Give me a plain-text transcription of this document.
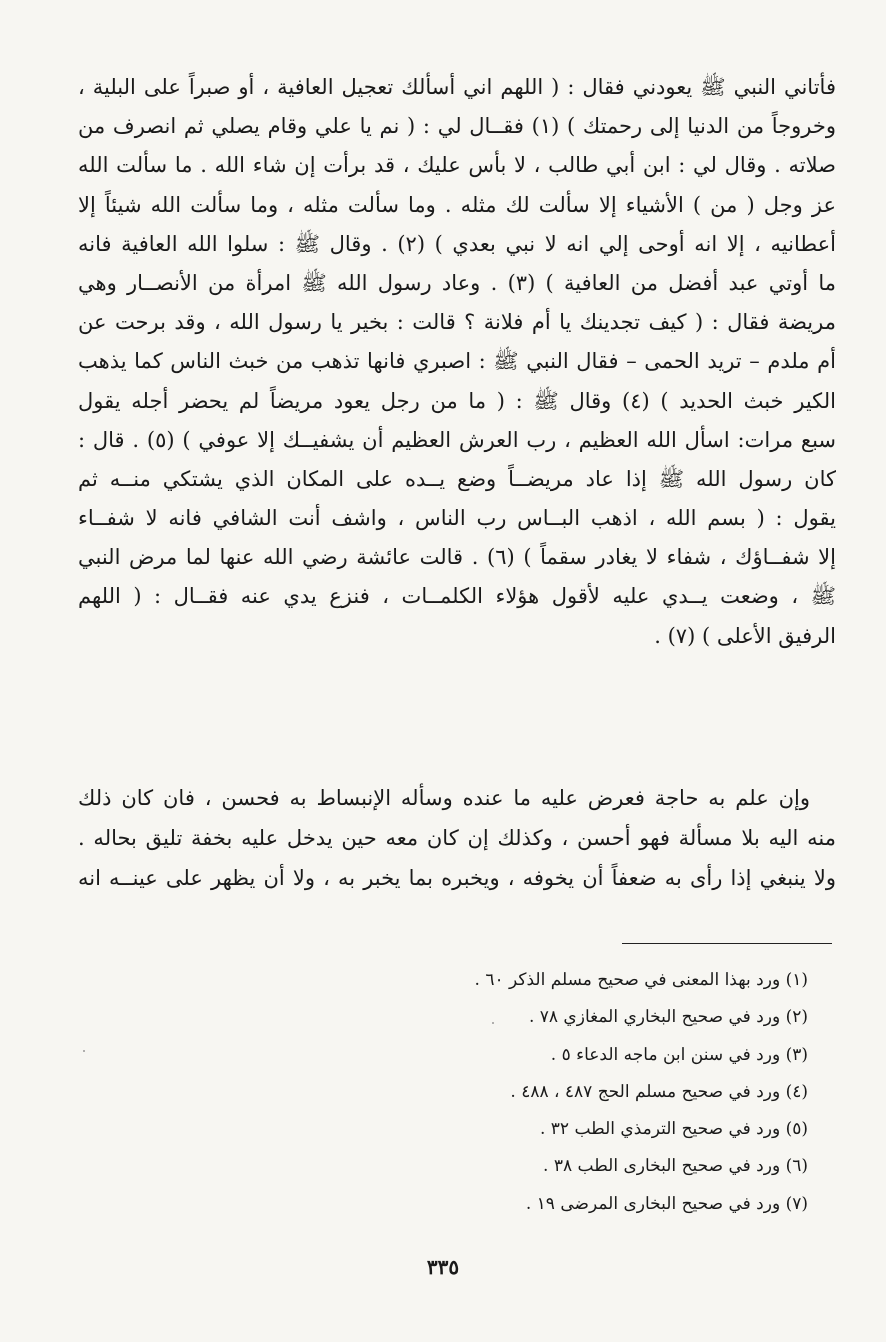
فأتاني النبي ﷺ يعودني فقال : ( اللهم اني أسألك تعجيل العافية ، أو صبراً على البلية ،
وخروجاً من الدنيا إلى رحمتك ) (١) فقــال لي : ( نم يا علي وقام يصلي ثم انصرف من
صلاته . وقال لي : ابن أبي طالب ، لا بأس عليك ، قد برأت إن شاء الله . ما سألت الله
عز وجل ( من ) الأشياء إلا سألت لك مثله . وما سألت مثله ، وما سألت الله شيئاً إلا
أعطانيه ، إلا انه أوحى إلي انه لا نبي بعدي ) (٢) . وقال ﷺ : سلوا الله العافية فانه
ما أوتي عبد أفضل من العافية ) (٣) . وعاد رسول الله ﷺ امرأة من الأنصــار وهي
مريضة فقال : ( كيف تجدينك يا أم فلانة ؟ قالت : بخير يا رسول الله ، وقد برحت عن
أم ملدم – تريد الحمى – فقال النبي ﷺ : اصبري فانها تذهب من خبث الناس كما يذهب
الكير خبث الحديد ) (٤) وقال ﷺ : ( ما من رجل يعود مريضاً لم يحضر أجله يقول
سبع مرات: اسأل الله العظيم ، رب العرش العظيم أن يشفيــك إلا عوفي ) (٥) . قال :
كان رسول الله ﷺ إذا عاد مريضــاً وضع يــده على المكان الذي يشتكي منــه ثم
يقول : ( بسم الله ، اذهب البــاس رب الناس ، واشف أنت الشافي فانه لا شفــاء
إلا شفــاؤك ، شفاء لا يغادر سقماً ) (٦) . قالت عائشة رضي الله عنها لما مرض النبي
ﷺ ، وضعت يــدي عليه لأقول هؤلاء الكلمــات ، فنزع يدي عنه فقــال : ( اللهم
الرفيق الأعلى ) (٧) .
وإن علم به حاجة فعرض عليه ما عنده وسأله الإنبساط به فحسن ، فان كان ذلك
منه اليه بلا مسألة فهو أحسن ، وكذلك إن كان معه حين يدخل عليه بخفة تليق بحاله .
ولا ينبغي إذا رأى به ضعفاً أن يخوفه ، ويخبره بما يخبر به ، ولا أن يظهر على عينــه انه
(١) ورد بهذا المعنى في صحيح مسلم الذكر ٦٠ .
(٢) ورد في صحيح البخاري المغازي ٧٨ .
(٣) ورد في سنن ابن ماجه الدعاء ٥ .
(٤) ورد في صحيح مسلم الحج ٤٨٧ ، ٤٨٨ .
(٥) ورد في صحيح الترمذي الطب ٣٢ .
(٦) ورد في صحيح البخارى الطب ٣٨ .
(٧) ورد في صحيح البخارى المرضى ١٩ .
٣٣٥
